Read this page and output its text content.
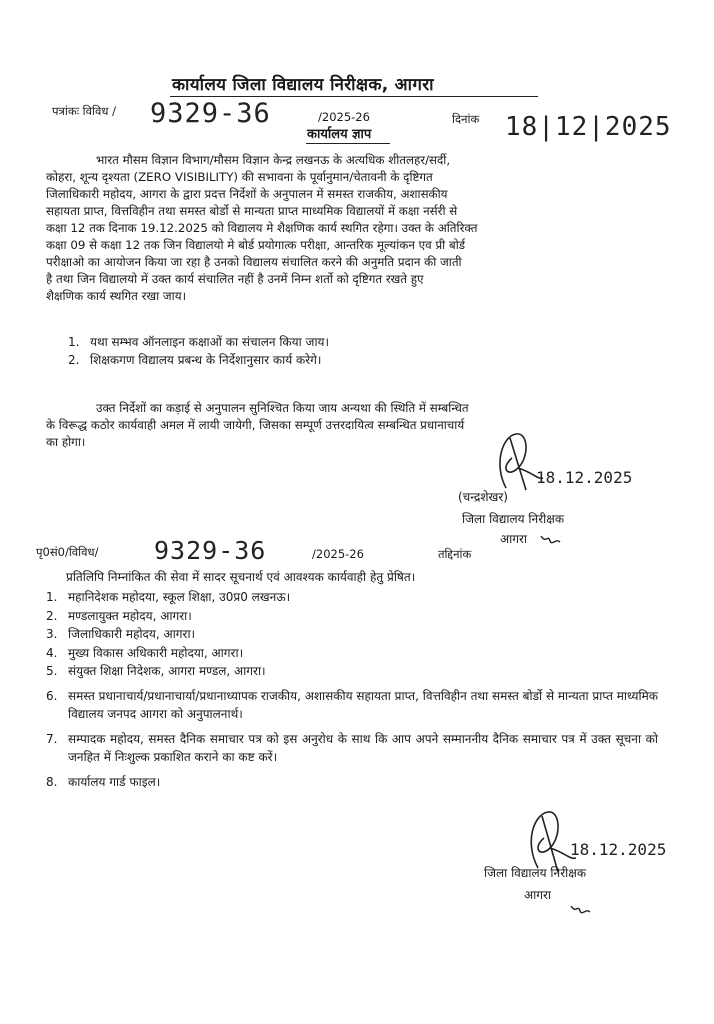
कार्यालय जिला विद्यालय निरीक्षक, आगरा
पत्रांकः विविध / 9329-36	/2025-26	दिनांक 18|12|2025
कार्यालय ज्ञाप
भारत मौसम विज्ञान विभाग/मौसम विज्ञान केन्द्र लखनऊ के अत्यधिक शीतलहर/सर्दी,
कोहरा, शून्य दृश्यता (ZERO VISIBILITY) की सभावना के पूर्वानुमान/चेतावनी के दृष्टिगत
जिलाधिकारी महोदय, आगरा के द्वारा प्रदत्त निर्देशों के अनुपालन में समस्त राजकीय, अशासकीय
सहायता प्राप्त, वित्तविहीन तथा समस्त बोर्डो से मान्यता प्राप्त माध्यमिक विद्यालयों में कक्षा नर्सरी से
कक्षा 12 तक दिनाक 19.12.2025 को विद्यालय मे शैक्षणिक कार्य स्थगित रहेगा। उक्त के अतिरिक्त
कक्षा 09 से कक्षा 12 तक जिन विद्यालयो मे बोर्ड प्रयोगात्क परीक्षा, आन्तरिक मूल्यांकन एव प्री बोर्ड
परीक्षाओ का आयोजन किया जा रहा है उनको विद्यालय संचालित करने की अनुमति प्रदान की जाती
है तथा जिन विद्यालयो में उक्त कार्य संचालित नहीं है उनमें निम्न शर्तो को दृष्टिगत रखते हुए
शैक्षणिक कार्य स्थगित रखा जाय।
1. यथा सम्भव ऑनलाइन कक्षाओं का संचालन किया जाय।
2. शिक्षकगण विद्यालय प्रबन्ध के निर्देशानुसार कार्य करेगे।
उक्त निर्देशों का कड़ाई से अनुपालन सुनिश्चित किया जाय अन्यथा की स्थिति में सम्बन्धित
के विरूद्ध कठोर कार्यवाही अमल में लायी जायेगी, जिसका सम्पूर्ण उत्तरदायित्व सम्बन्धित प्रधानाचार्य
का होगा।
18.12.2025
(चन्द्रशेखर)
जिला विद्यालय निरीक्षक
आगरा
पृ0सं0/विविध/ 9329-36	/2025-26	तद्दिनांक
प्रतिलिपि निम्नांकित की सेवा में सादर सूचनार्थ एवं आवश्यक कार्यवाही हेतु प्रेषित।
1. महानिदेशक महोदया, स्कूल शिक्षा, उ0प्र0 लखनऊ।
2. मण्डलायुक्त महोदय, आगरा।
3. जिलाधिकारी महोदय, आगरा।
4. मुख्य विकास अधिकारी महोदया, आगरा।
5. संयुक्त शिक्षा निदेशक, आगरा मण्डल, आगरा।
6. समस्त प्रधानाचार्य/प्रधानाचार्या/प्रधानाध्यापक राजकीय, अशासकीय सहायता प्राप्त, वित्तविहीन तथा समस्त बोर्डो से मान्यता प्राप्त माध्यमिक विद्यालय जनपद आगरा को अनुपालनार्थ।
7. सम्पादक महोदय, समस्त दैनिक समाचार पत्र को इस अनुरोध के साथ कि आप अपने सम्माननीय दैनिक समाचार पत्र में उक्त सूचना को जनहित में निःशुल्क प्रकाशित कराने का कष्ट करें।
8. कार्यालय गार्ड फाइल।
18.12.2025
जिला विद्यालय निरीक्षक
आगरा
